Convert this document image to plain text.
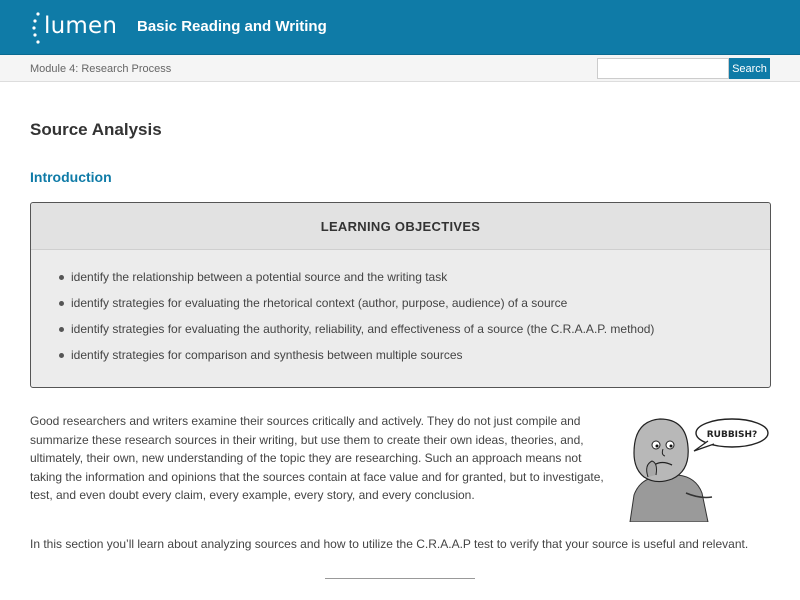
lumen Basic Reading and Writing
Module 4: Research Process	Search
Source Analysis
Introduction
LEARNING OBJECTIVES
identify the relationship between a potential source and the writing task
identify strategies for evaluating the rhetorical context (author, purpose, audience) of a source
identify strategies for evaluating the authority, reliability, and effectiveness of a source (the C.R.A.A.P. method)
identify strategies for comparison and synthesis between multiple sources

Good researchers and writers examine their sources critically and actively. They do not just compile and summarize these research sources in their writing, but use them to create their own ideas, theories, and, ultimately, their own, new understanding of the topic they are researching. Such an approach means not taking the information and opinions that the sources contain at face value and for granted, but to investigate, test, and even doubt every claim, every example, every story, and every conclusion.

RUBBISH?

In this section you’ll learn about analyzing sources and how to utilize the C.R.A.A.P test to verify that your source is useful and relevant.
